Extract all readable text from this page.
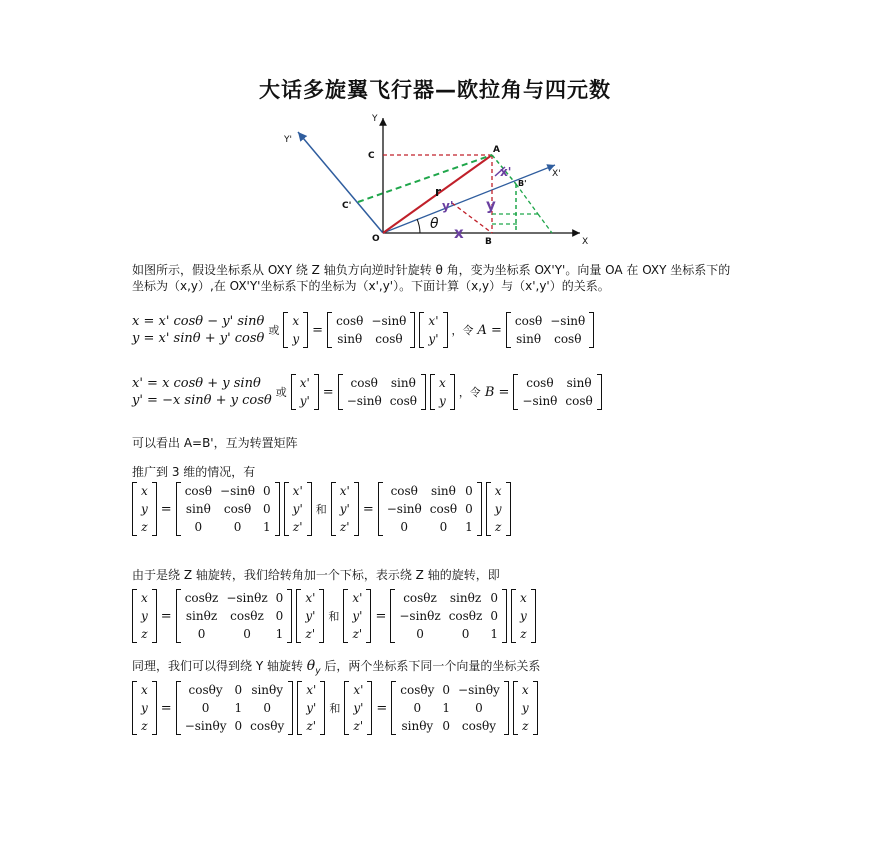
大话多旋翼飞行器—欧拉角与四元数
θ
Y
X
Y'
X'
O
A
B
C
C'
B'
r
x
y
y'
x'
如图所示，假设坐标系从 OXY 绕 Z 轴负方向逆时针旋转 θ 角，变为坐标系 OX'Y'。向量 OA 在 OXY 坐标系下的坐标为（x,y）,在 OX'Y'坐标系下的坐标为（x',y'）。下面计算（x,y）与（x',y'）的关系。
x = x' cosθ − y' sinθ
y = x' sinθ + y' cosθ
或
x
y
=
cosθ	−sinθ
sinθ	cosθ
x'
y'
，令 A =
cosθ	−sinθ
sinθ	cosθ
x' = x cosθ + y sinθ
y' = −x sinθ + y cosθ
或
x'
y'
=
cosθ	sinθ
−sinθ	cosθ
x
y
，令 B =
cosθ	sinθ
−sinθ	cosθ
可以看出 A=B'，互为转置矩阵
推广到 3 维的情况，有
x
y
z
=
cosθ	−sinθ	0
sinθ	cosθ	0
0	0	1
x'
y'
z'
和
x'
y'
z'
=
cosθ	sinθ	0
−sinθ	cosθ	0
0	0	1
x
y
z
由于是绕 Z 轴旋转，我们给转角加一个下标，表示绕 Z 轴的旋转，即
x
y
z
=
cosθz	−sinθz	0
sinθz	cosθz	0
0	0	1
x'
y'
z'
和
x'
y'
z'
=
cosθz	sinθz	0
−sinθz	cosθz	0
0	0	1
x
y
z
同理，我们可以得到绕 Y 轴旋转 $\theta_y$ 后，两个坐标系下同一个向量的坐标关系
x
y
z
=
cosθy	0	sinθy
0	1	0
−sinθy	0	cosθy
x'
y'
z'
和
x'
y'
z'
=
cosθy	0	−sinθy
0	1	0
sinθy	0	cosθy
x
y
z
